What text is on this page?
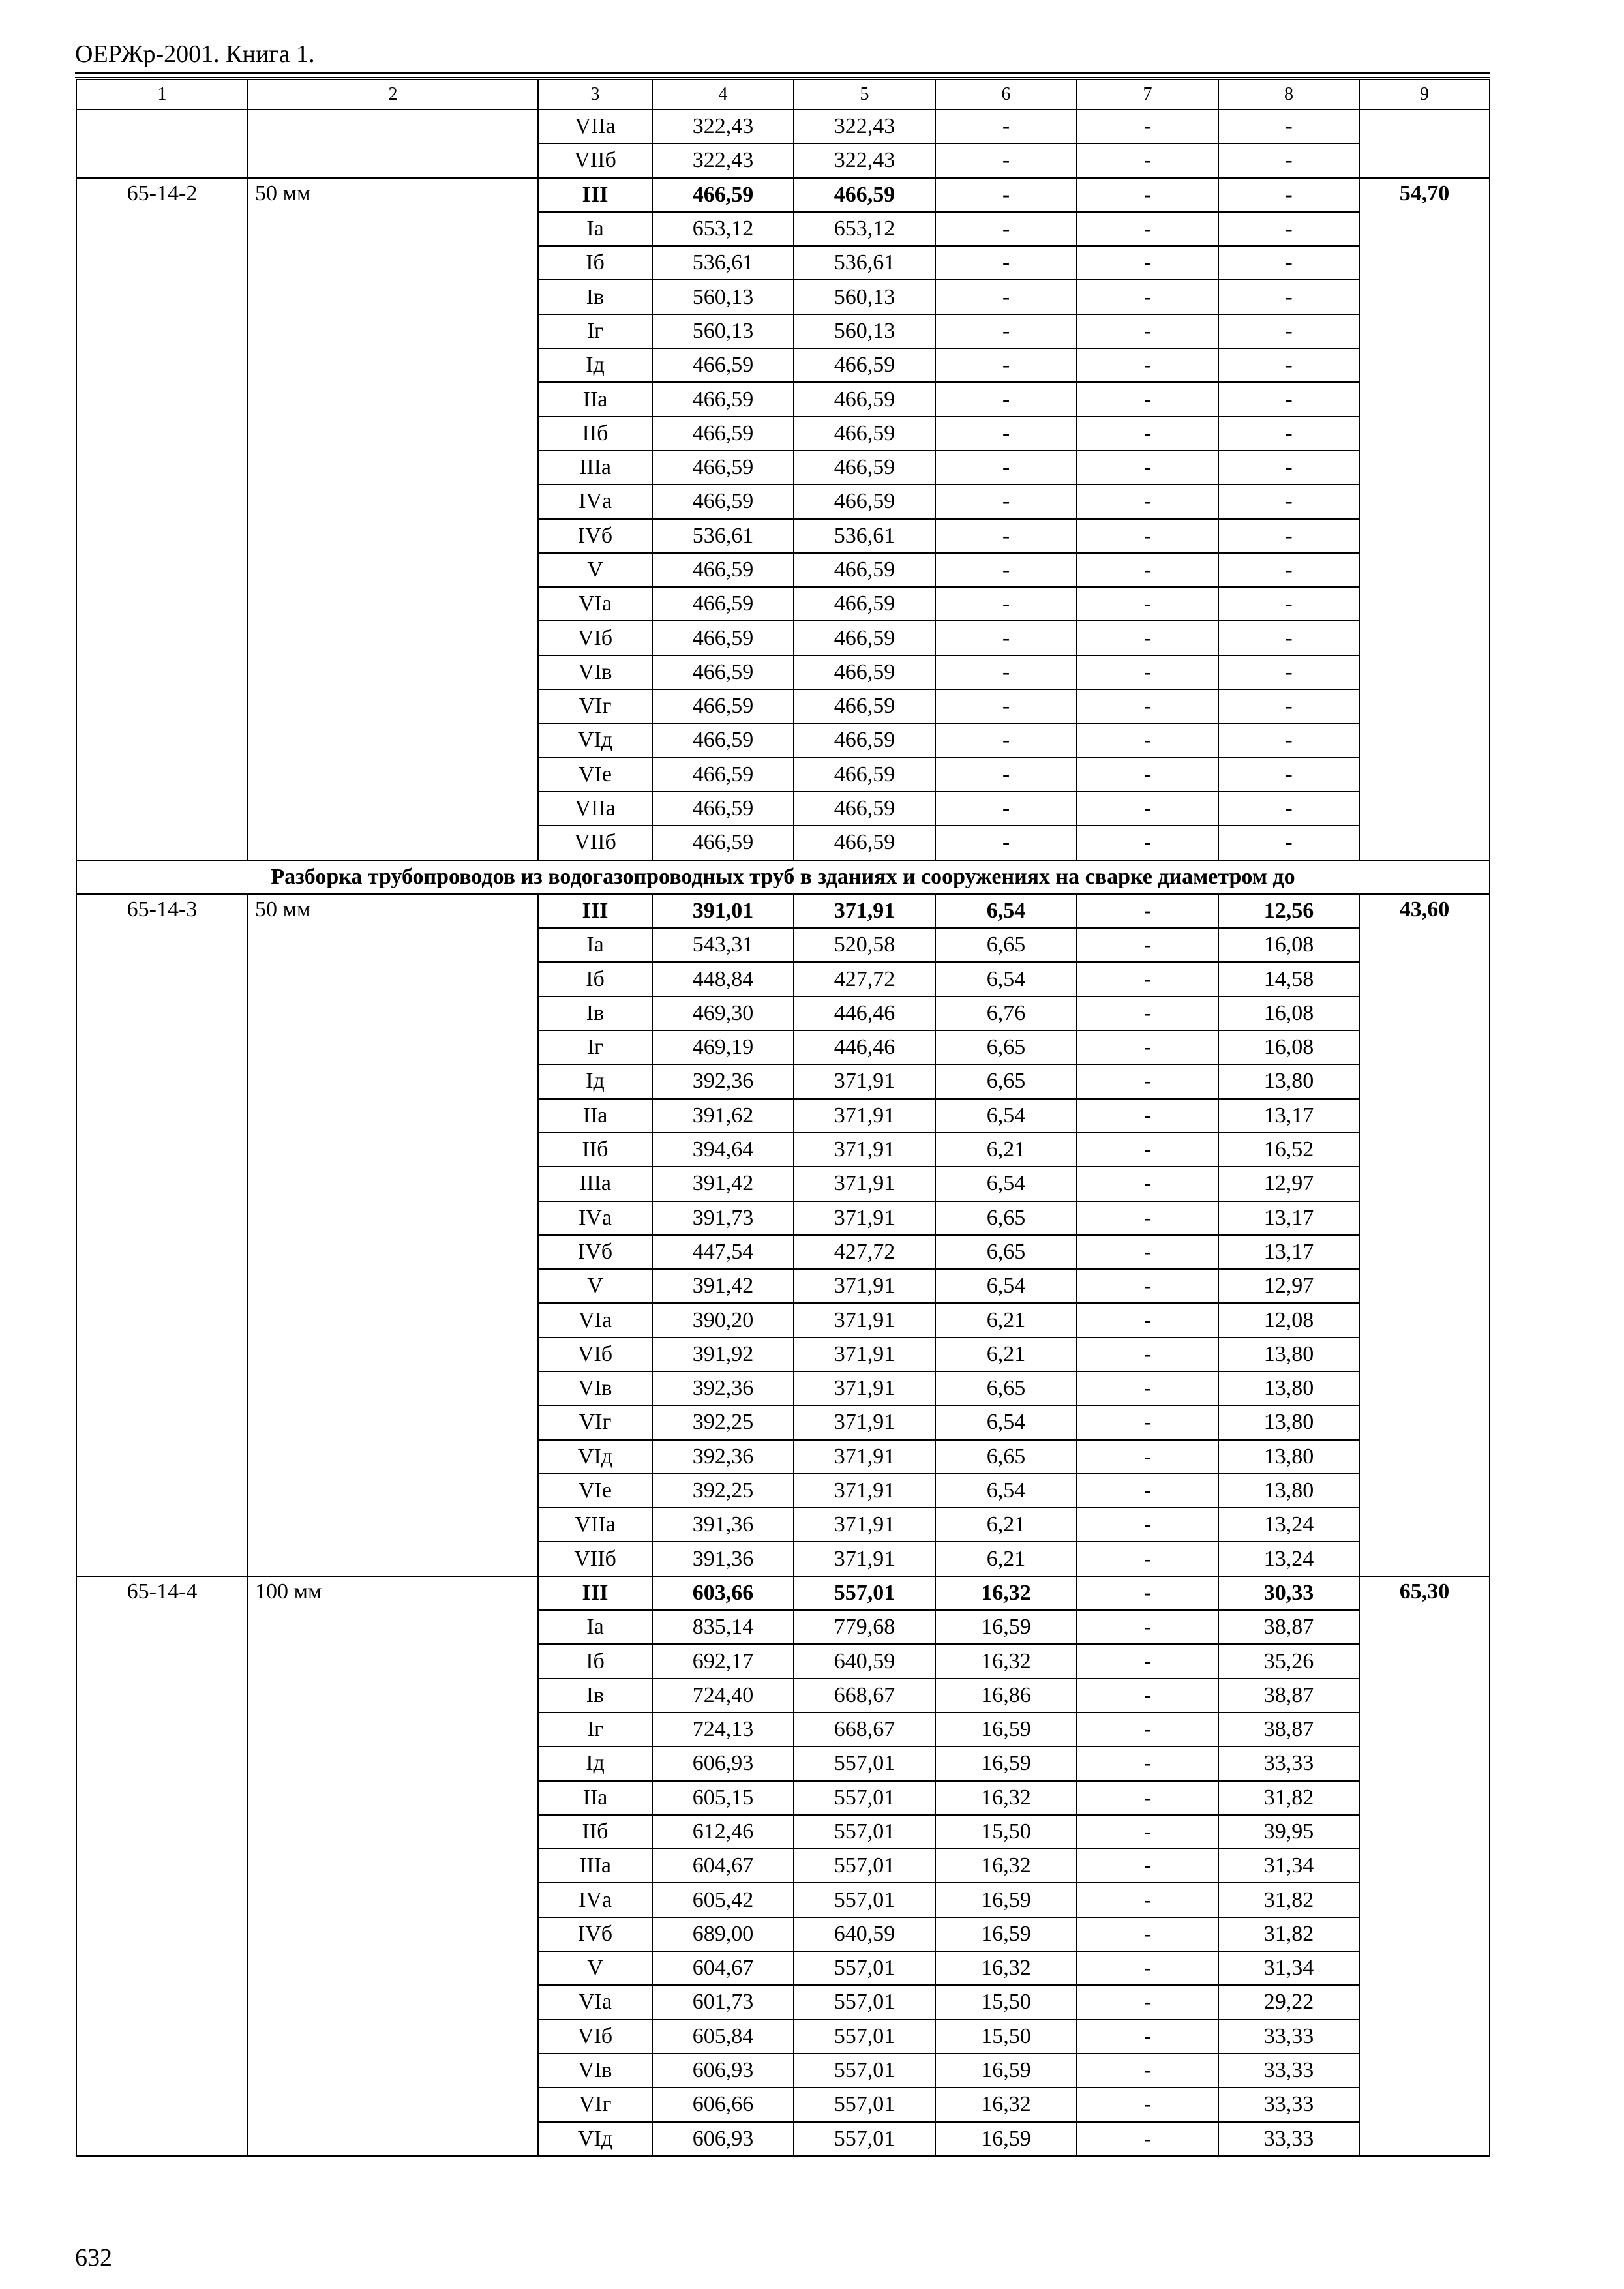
ОЕРЖр-2001. Книга 1.
1	2	3	4	5	6	7	8	9
		VIIа	322,43	322,43	-	-	-	
		VIIб	322,43	322,43	-	-	-	
65-14-2	50 мм	III	466,59	466,59	-	-	-	54,70
		Iа	653,12	653,12	-	-	-	
		Iб	536,61	536,61	-	-	-	
		Iв	560,13	560,13	-	-	-	
		Iг	560,13	560,13	-	-	-	
		Iд	466,59	466,59	-	-	-	
		IIа	466,59	466,59	-	-	-	
		IIб	466,59	466,59	-	-	-	
		IIIа	466,59	466,59	-	-	-	
		IVа	466,59	466,59	-	-	-	
		IVб	536,61	536,61	-	-	-	
		V	466,59	466,59	-	-	-	
		VIа	466,59	466,59	-	-	-	
		VIб	466,59	466,59	-	-	-	
		VIв	466,59	466,59	-	-	-	
		VIг	466,59	466,59	-	-	-	
		VIд	466,59	466,59	-	-	-	
		VIе	466,59	466,59	-	-	-	
		VIIа	466,59	466,59	-	-	-	
		VIIб	466,59	466,59	-	-	-	
Разборка трубопроводов из водогазопроводных труб в зданиях и сооружениях на сварке диаметром до								
65-14-3	50 мм	III	391,01	371,91	6,54	-	12,56	43,60
		Iа	543,31	520,58	6,65	-	16,08	
		Iб	448,84	427,72	6,54	-	14,58	
		Iв	469,30	446,46	6,76	-	16,08	
		Iг	469,19	446,46	6,65	-	16,08	
		Iд	392,36	371,91	6,65	-	13,80	
		IIа	391,62	371,91	6,54	-	13,17	
		IIб	394,64	371,91	6,21	-	16,52	
		IIIа	391,42	371,91	6,54	-	12,97	
		IVа	391,73	371,91	6,65	-	13,17	
		IVб	447,54	427,72	6,65	-	13,17	
		V	391,42	371,91	6,54	-	12,97	
		VIа	390,20	371,91	6,21	-	12,08	
		VIб	391,92	371,91	6,21	-	13,80	
		VIв	392,36	371,91	6,65	-	13,80	
		VIг	392,25	371,91	6,54	-	13,80	
		VIд	392,36	371,91	6,65	-	13,80	
		VIе	392,25	371,91	6,54	-	13,80	
		VIIа	391,36	371,91	6,21	-	13,24	
		VIIб	391,36	371,91	6,21	-	13,24	
65-14-4	100 мм	III	603,66	557,01	16,32	-	30,33	65,30
		Iа	835,14	779,68	16,59	-	38,87	
		Iб	692,17	640,59	16,32	-	35,26	
		Iв	724,40	668,67	16,86	-	38,87	
		Iг	724,13	668,67	16,59	-	38,87	
		Iд	606,93	557,01	16,59	-	33,33	
		IIа	605,15	557,01	16,32	-	31,82	
		IIб	612,46	557,01	15,50	-	39,95	
		IIIа	604,67	557,01	16,32	-	31,34	
		IVа	605,42	557,01	16,59	-	31,82	
		IVб	689,00	640,59	16,59	-	31,82	
		V	604,67	557,01	16,32	-	31,34	
		VIа	601,73	557,01	15,50	-	29,22	
		VIб	605,84	557,01	15,50	-	33,33	
		VIв	606,93	557,01	16,59	-	33,33	
		VIг	606,66	557,01	16,32	-	33,33	
		VIд	606,93	557,01	16,59	-	33,33	
632
